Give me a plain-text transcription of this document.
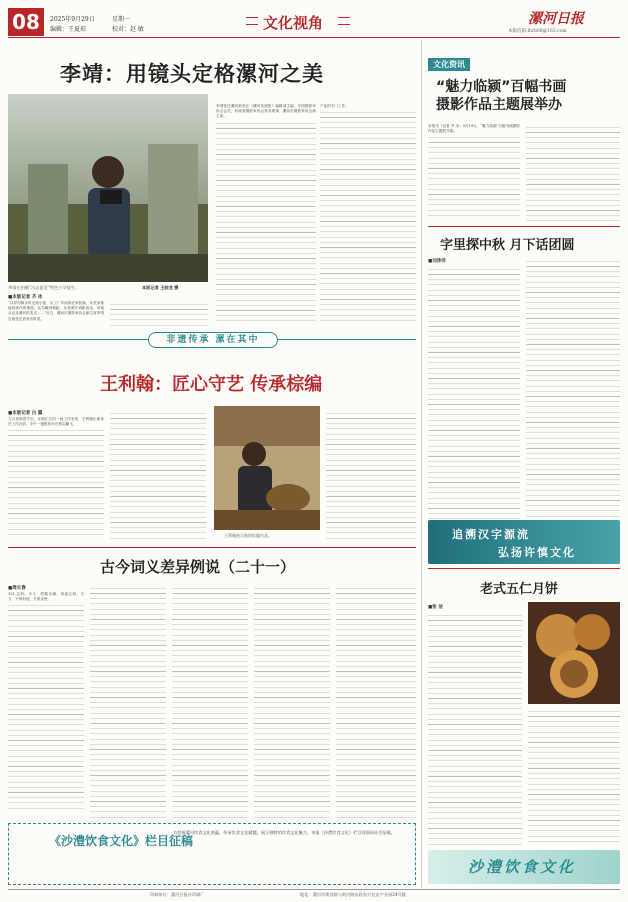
08	2025年9月29日	星期一
编辑：王夏琼	校对：赵 敏	文化视角	漯河日报
本版信箱:lhrb08@163.com
李靖：用镜头定格漯河之美
李靖在拍摄“冯志夏至”特色小学徒生。	本版记者 王晓龙 摄
■本版记者 齐 冰
“从岸河唯乐时光到小巷，从工厂车间到农家院落，从荒凉基地到现代的街道，从鸟瞰到微距，从老照片到新表达，用镜头记录漯河的变迁……”近日，漯河市摄影家协会副主席李靖在接受记者采访时说。
李靖曾任漯河新发社《漯河发展报》编辑部主编，中国摄影家协会会员，河南省摄影家协会常务理事，漯河市摄影家协会副主席。
产业的专门工作。
非遗传承 漯在其中
王利翰：匠心守艺 传承棕编
■本版记者 白 露
九月初秋的午后，在源汇区的一间工作室里，王利翰正俯身在工作台前，手中一根根棕叶在指尖翻飞。
王利翰展示他的棕编作品。
古今词义差异例说（二十一）
■周长春
121.忘形。今义：骄傲自满，得意忘形。古义：不拘形迹，关系亲密。
《沙澧饮食文化》栏目征稿
为挖掘漯河饮食文化底蕴，传承饮食文化精髓，展示独特的饮食文化魅力，本报《沙澧饮食文化》栏目现面向社会征稿。
文化资讯
“魅力临颍”百幅书画
摄影作品主题展举办
本报讯（记者 齐 冰）9月19日，“魅力临颍”百幅书画摄影作品主题展开幕。
字里探中秋 月下话团圆
■刘净洋
追溯汉字源流
弘扬许慎文化
老式五仁月饼
■张 洁
沙澧饮食文化
印刷单位：漯河日报社印刷厂	地址：漯河市黄河路与黄河路东段东兴长安产业园24号楼
